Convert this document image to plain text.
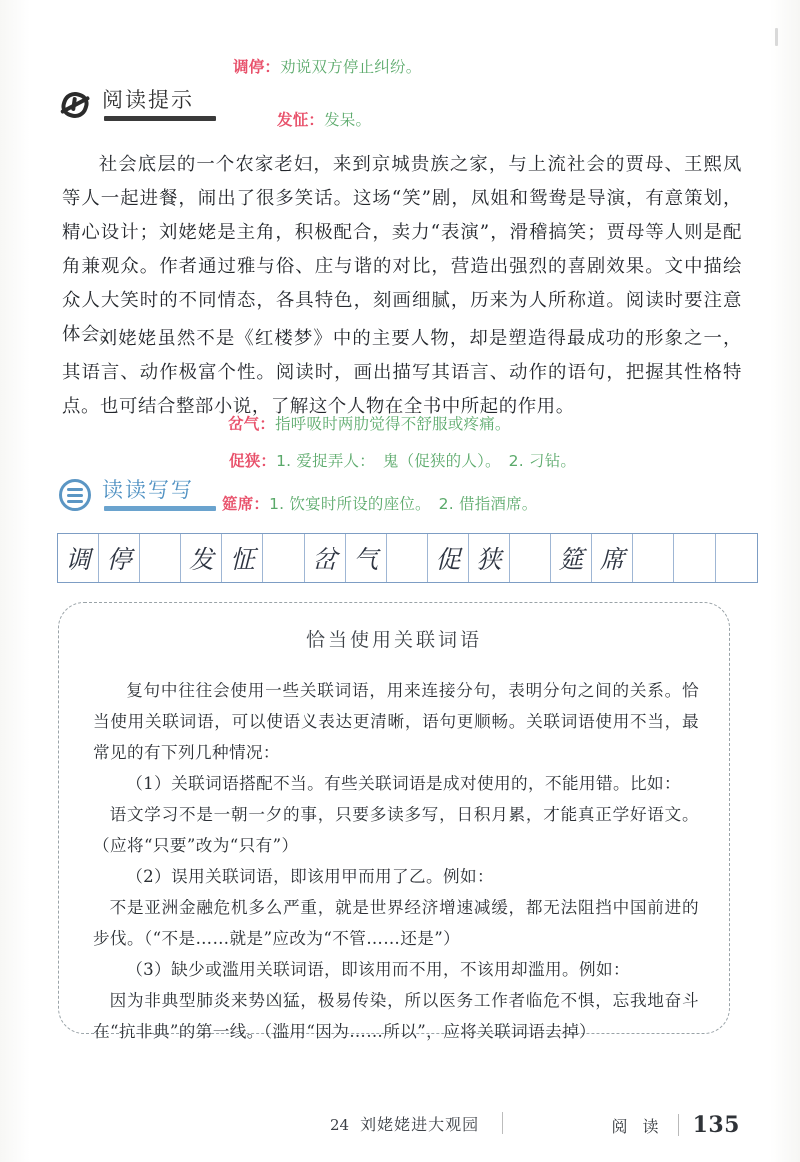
调停：劝说双方停止纠纷。
阅读提示
发怔：发呆。
社会底层的一个农家老妇，来到京城贵族之家，与上流社会的贾母、王熙凤等人一起进餐，闹出了很多笑话。这场“笑”剧，凤姐和鸳鸯是导演，有意策划，精心设计；刘姥姥是主角，积极配合，卖力“表演”，滑稽搞笑；贾母等人则是配角兼观众。作者通过雅与俗、庄与谐的对比，营造出强烈的喜剧效果。文中描绘众人大笑时的不同情态，各具特色，刻画细腻，历来为人所称道。阅读时要注意体会。
刘姥姥虽然不是《红楼梦》中的主要人物，却是塑造得最成功的形象之一，其语言、动作极富个性。阅读时，画出描写其语言、动作的语句，把握其性格特点。也可结合整部小说，了解这个人物在全书中所起的作用。
岔气：指呼吸时两肋觉得不舒服或疼痛。
促狭：1. 爱捉弄人：　鬼（促狭的人）。　2. 刁钻。
读读写写
筵席：1. 饮宴时所设的座位。　2. 借指酒席。
调 停	发 怔	岔 气	促 狭	筵 席
恰当使用关联词语
复句中往往会使用一些关联词语，用来连接分句，表明分句之间的关系。恰当使用关联词语，可以使语义表达更清晰，语句更顺畅。关联词语使用不当，最常见的有下列几种情况：
（1）关联词语搭配不当。有些关联词语是成对使用的，不能用错。比如：
语文学习不是一朝一夕的事，只要多读多写，日积月累，才能真正学好语文。（应将“只要”改为“只有”）
（2）误用关联词语，即该用甲而用了乙。例如：
不是亚洲金融危机多么严重，就是世界经济增速减缓，都无法阻挡中国前进的步伐。（“不是……就是”应改为“不管……还是”）
（3）缺少或滥用关联词语，即该用而不用，不该用却滥用。例如：
因为非典型肺炎来势凶猛，极易传染，所以医务工作者临危不惧，忘我地奋斗在“抗非典”的第一线。（滥用“因为……所以”，应将关联词语去掉）
24 刘姥姥进大观园	阅 读 135
